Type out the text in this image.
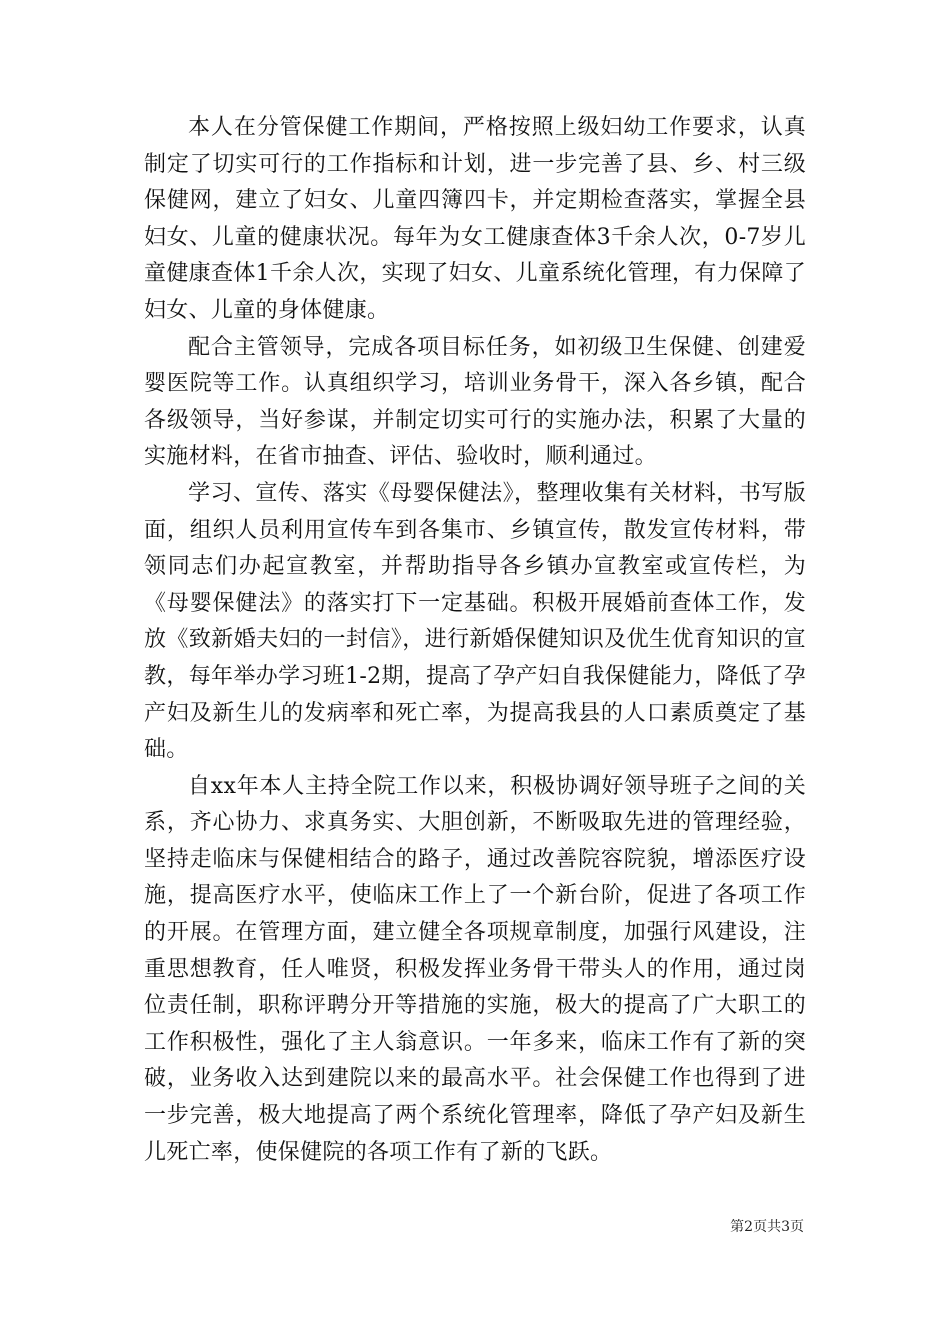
本人在分管保健工作期间，严格按照上级妇幼工作要求，认真制定了切实可行的工作指标和计划，进一步完善了县、乡、村三级保健网，建立了妇女、儿童四簿四卡，并定期检查落实，掌握全县妇女、儿童的健康状况。每年为女工健康查体3千余人次，0-7岁儿童健康查体1千余人次，实现了妇女、儿童系统化管理，有力保障了妇女、儿童的身体健康。

配合主管领导，完成各项目标任务，如初级卫生保健、创建爱婴医院等工作。认真组织学习，培训业务骨干，深入各乡镇，配合各级领导，当好参谋，并制定切实可行的实施办法，积累了大量的实施材料，在省市抽查、评估、验收时，顺利通过。

学习、宣传、落实《母婴保健法》，整理收集有关材料，书写版面，组织人员利用宣传车到各集市、乡镇宣传，散发宣传材料，带领同志们办起宣教室，并帮助指导各乡镇办宣教室或宣传栏，为《母婴保健法》的落实打下一定基础。积极开展婚前查体工作，发放《致新婚夫妇的一封信》，进行新婚保健知识及优生优育知识的宣教，每年举办学习班1-2期，提高了孕产妇自我保健能力，降低了孕产妇及新生儿的发病率和死亡率，为提高我县的人口素质奠定了基础。

自xx年本人主持全院工作以来，积极协调好领导班子之间的关系，齐心协力、求真务实、大胆创新，不断吸取先进的管理经验，坚持走临床与保健相结合的路子，通过改善院容院貌，增添医疗设施，提高医疗水平，使临床工作上了一个新台阶，促进了各项工作的开展。在管理方面，建立健全各项规章制度，加强行风建设，注重思想教育，任人唯贤，积极发挥业务骨干带头人的作用，通过岗位责任制，职称评聘分开等措施的实施，极大的提高了广大职工的工作积极性，强化了主人翁意识。一年多来，临床工作有了新的突破，业务收入达到建院以来的最高水平。社会保健工作也得到了进一步完善，极大地提高了两个系统化管理率，降低了孕产妇及新生儿死亡率，使保健院的各项工作有了新的飞跃。

第2页共3页
